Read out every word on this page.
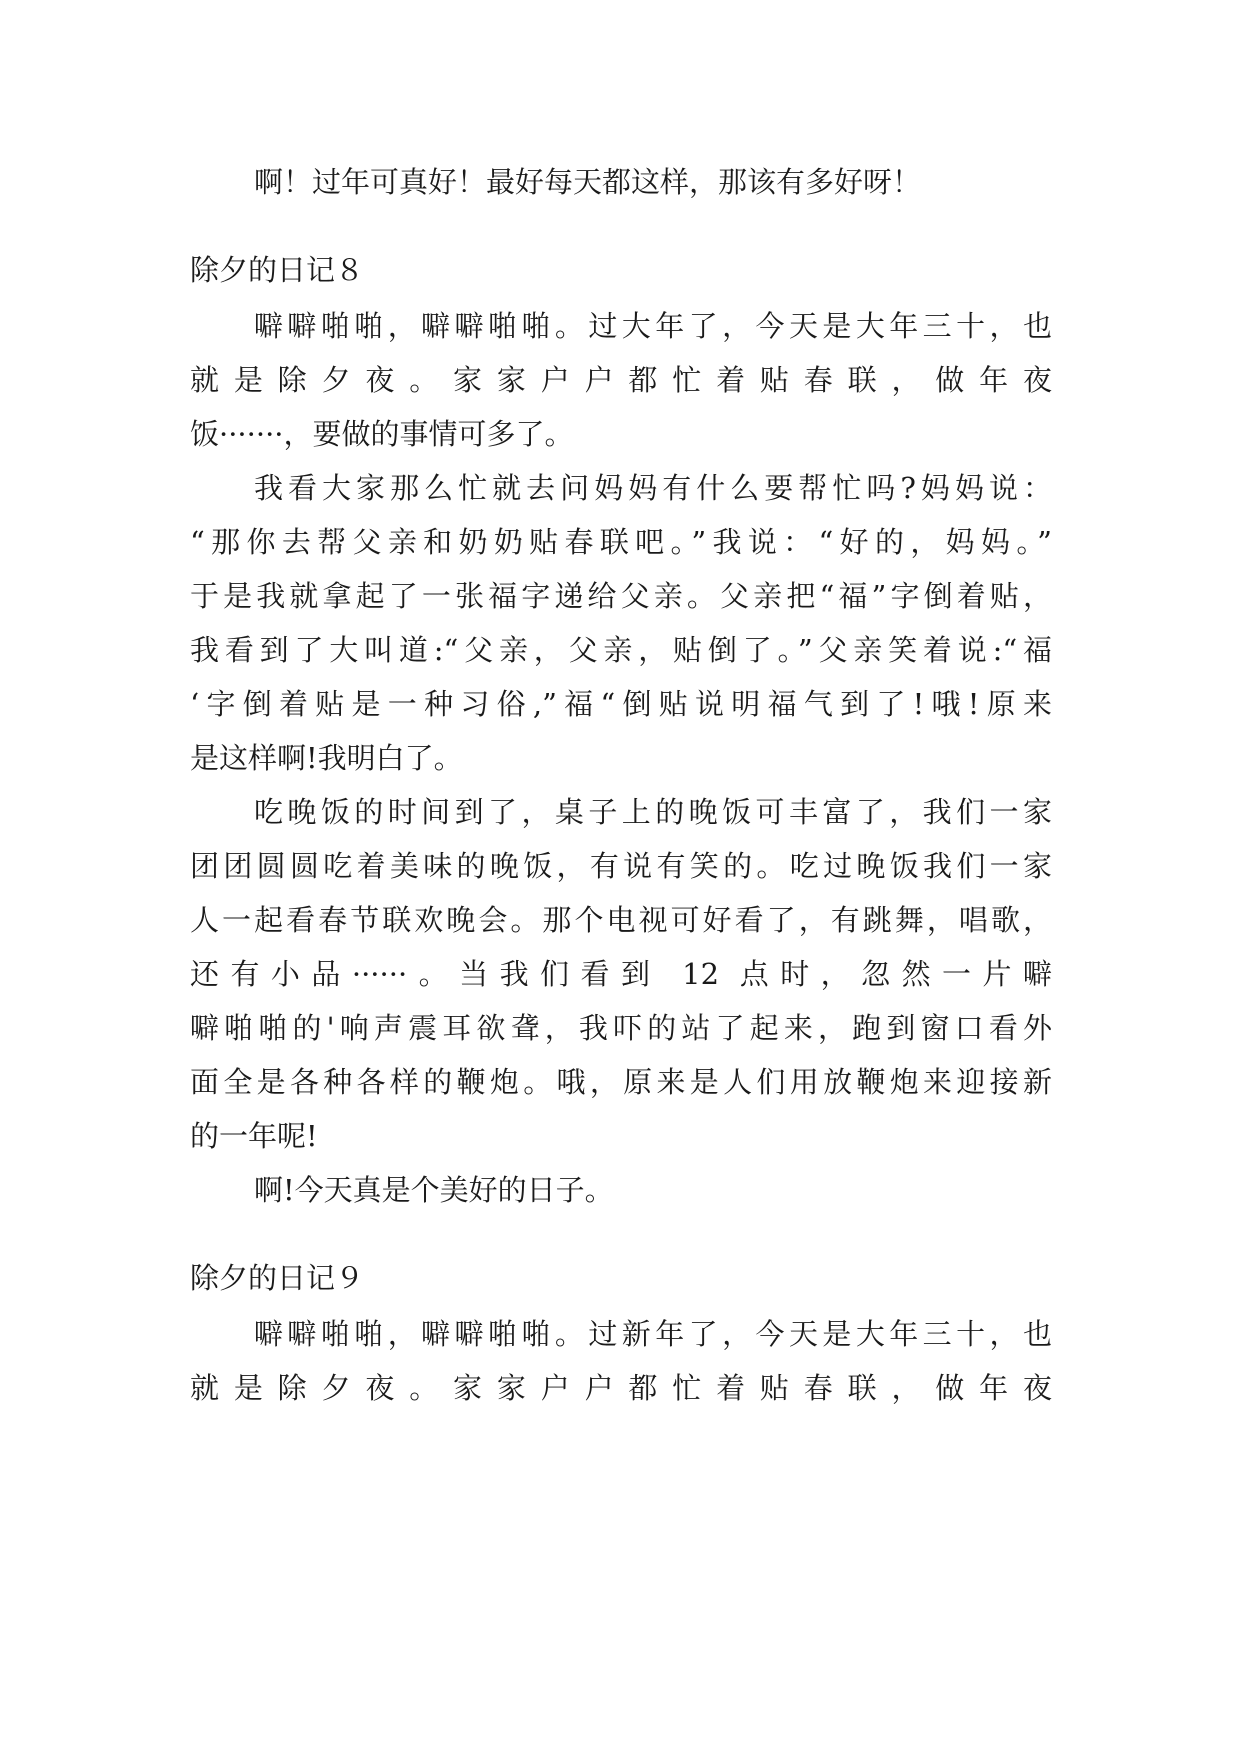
啊！过年可真好！最好每天都这样，那该有多好呀！
除夕的日记８
噼噼啪啪，噼噼啪啪。过大年了，今天是大年三十，也
就是除夕夜。家家户户都忙着贴春联，做年夜
饭·······，要做的事情可多了。
我看大家那么忙就去问妈妈有什么要帮忙吗?妈妈说：
“那你去帮父亲和奶奶贴春联吧。”我说：“好的，妈妈。”
于是我就拿起了一张福字递给父亲。父亲把“福”字倒着贴，
我看到了大叫道:“父亲，父亲，贴倒了。”父亲笑着说:“福
‘字倒着贴是一种习俗,”福“倒贴说明福气到了!哦!原来
是这样啊!我明白了。
吃晚饭的时间到了，桌子上的晚饭可丰富了，我们一家
团团圆圆吃着美味的晚饭，有说有笑的。吃过晚饭我们一家
人一起看春节联欢晚会。那个电视可好看了，有跳舞，唱歌，
还有小品······。当我们看到 12 点时，忽然一片噼
噼啪啪的'响声震耳欲聋，我吓的站了起来，跑到窗口看外
面全是各种各样的鞭炮。哦，原来是人们用放鞭炮来迎接新
的一年呢!
啊!今天真是个美好的日子。
除夕的日记９
噼噼啪啪，噼噼啪啪。过新年了，今天是大年三十，也
就是除夕夜。家家户户都忙着贴春联，做年夜
